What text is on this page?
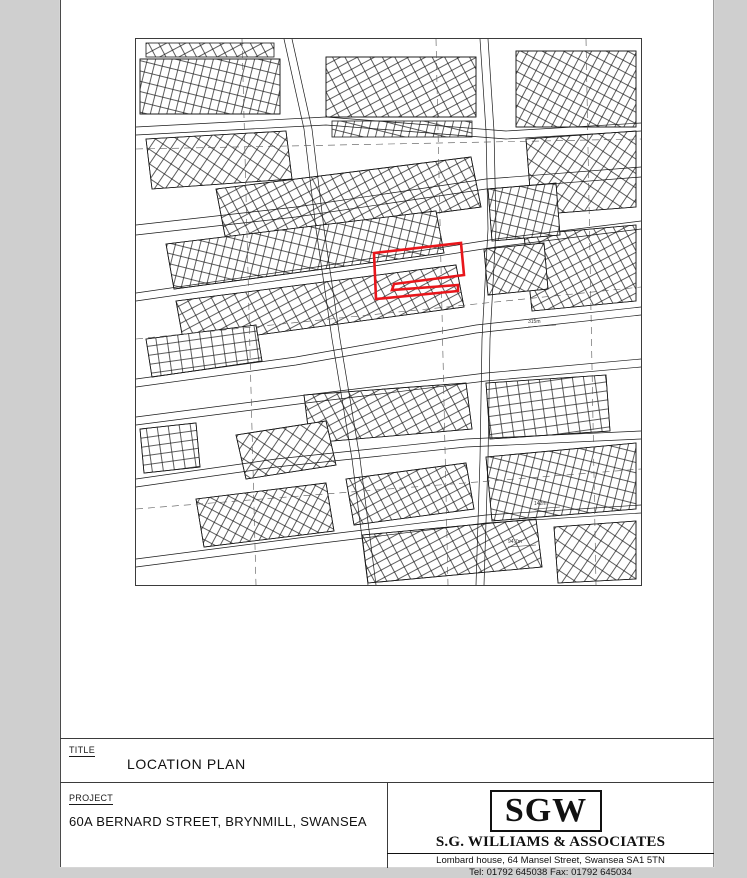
315m
142m
94.7m
TITLE
LOCATION PLAN
PROJECT
60A BERNARD STREET, BRYNMILL, SWANSEA	SGW
S.G. WILLIAMS & ASSOCIATES
Lombard house, 64 Mansel Street, Swansea SA1 5TN
Tel: 01792 645038 Fax: 01792 645034
